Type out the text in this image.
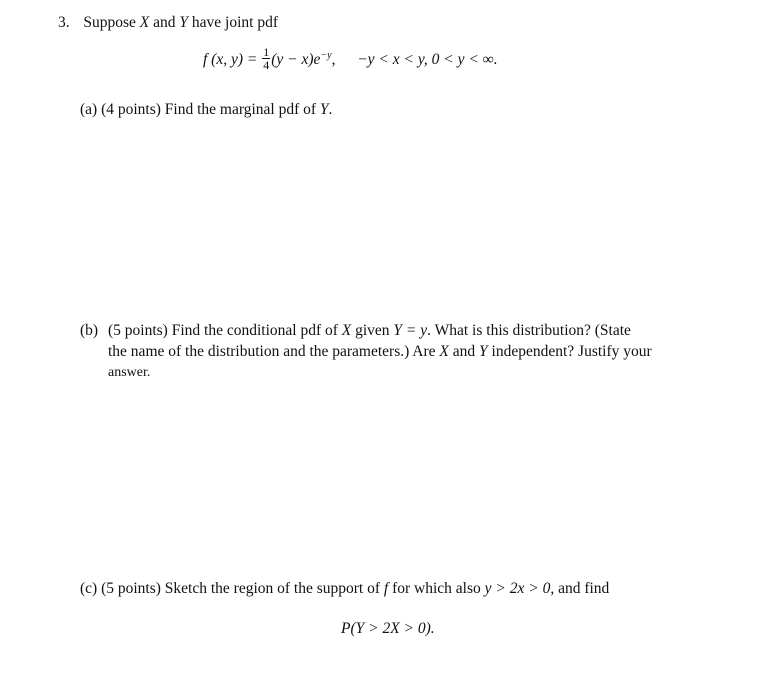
3. Suppose X and Y have joint pdf
f (x, $y) = \frac{1}{4} (y - x)e^{-y}$, −y < x < y, 0 < y < ∞.
(a) (4 points) Find the marginal pdf of Y.
(b) (5 points) Find the conditional pdf of X given Y = y. What is this distribution? (State
the name of the distribution and the parameters.) Are X and Y independent? Justify your
answer.
(c) (5 points) Sketch the region of the support of f for which also y > 2x > 0, and find
P(Y > 2X > 0).
